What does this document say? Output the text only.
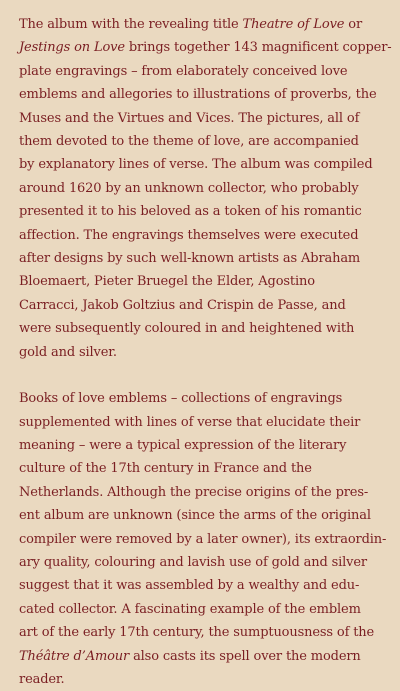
The album with the revealing title Theatre of Love or
Jestings on Love brings together 143 magnificent copper-
plate engravings – from elaborately conceived love
emblems and allegories to illustrations of proverbs, the
Muses and the Virtues and Vices. The pictures, all of
them devoted to the theme of love, are accompanied
by explanatory lines of verse. The album was compiled
around 1620 by an unknown collector, who probably
presented it to his beloved as a token of his romantic
affection. The engravings themselves were executed
after designs by such well-known artists as Abraham
Bloemaert, Pieter Bruegel the Elder, Agostino
Carracci, Jakob Goltzius and Crispin de Passe, and
were subsequently coloured in and heightened with
gold and silver.

Books of love emblems – collections of engravings
supplemented with lines of verse that elucidate their
meaning – were a typical expression of the literary
culture of the 17th century in France and the
Netherlands. Although the precise origins of the pres-
ent album are unknown (since the arms of the original
compiler were removed by a later owner), its extraordin-
ary quality, colouring and lavish use of gold and silver
suggest that it was assembled by a wealthy and edu-
cated collector. A fascinating example of the emblem
art of the early 17th century, the sumptuousness of the
Théâtre d’Amour also casts its spell over the modern
reader.
